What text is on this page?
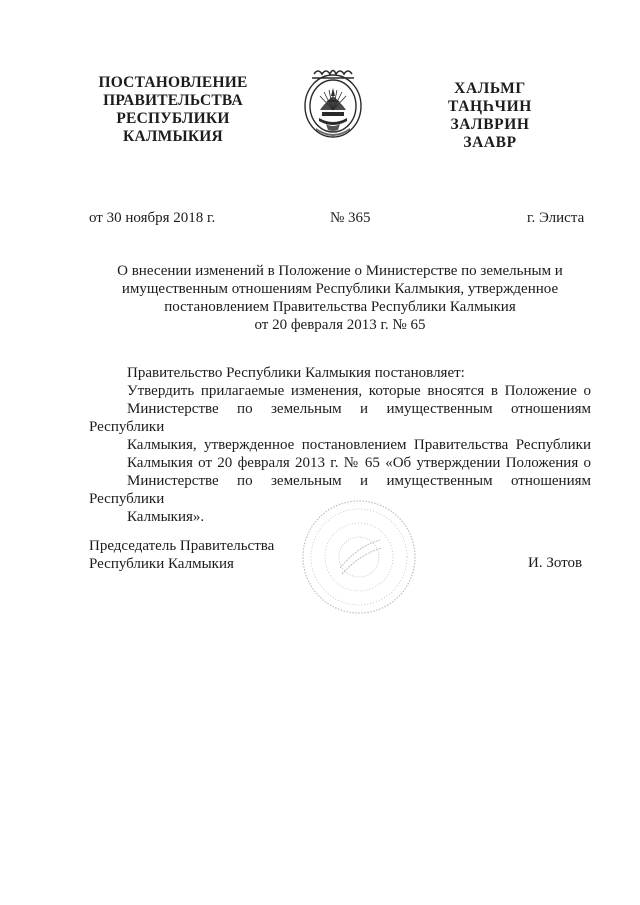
ПОСТАНОВЛЕНИЕ
ПРАВИТЕЛЬСТВА
РЕСПУБЛИКИ
КАЛМЫКИЯ
ХАЛЬМГ
ТАҢҺЧИН
ЗАЛВРИН
ЗААВР
от 30 ноября 2018 г.	№ 365	г. Элиста
О внесении изменений в Положение о Министерстве по земельным и
имущественным отношениям Республики Калмыкия, утвержденное
постановлением Правительства Республики Калмыкия
от 20 февраля 2013 г. № 65

Правительство Республики Калмыкия постановляет:

Утвердить прилагаемые изменения, которые вносятся в Положение о
Министерстве по земельным и имущественным отношениям Республики
Калмыкия, утвержденное постановлением Правительства Республики
Калмыкия от 20 февраля 2013 г. № 65 «Об утверждении Положения о
Министерстве по земельным и имущественным отношениям Республики
Калмыкия».
Председатель Правительства
Республики Калмыкия	И. Зотов
